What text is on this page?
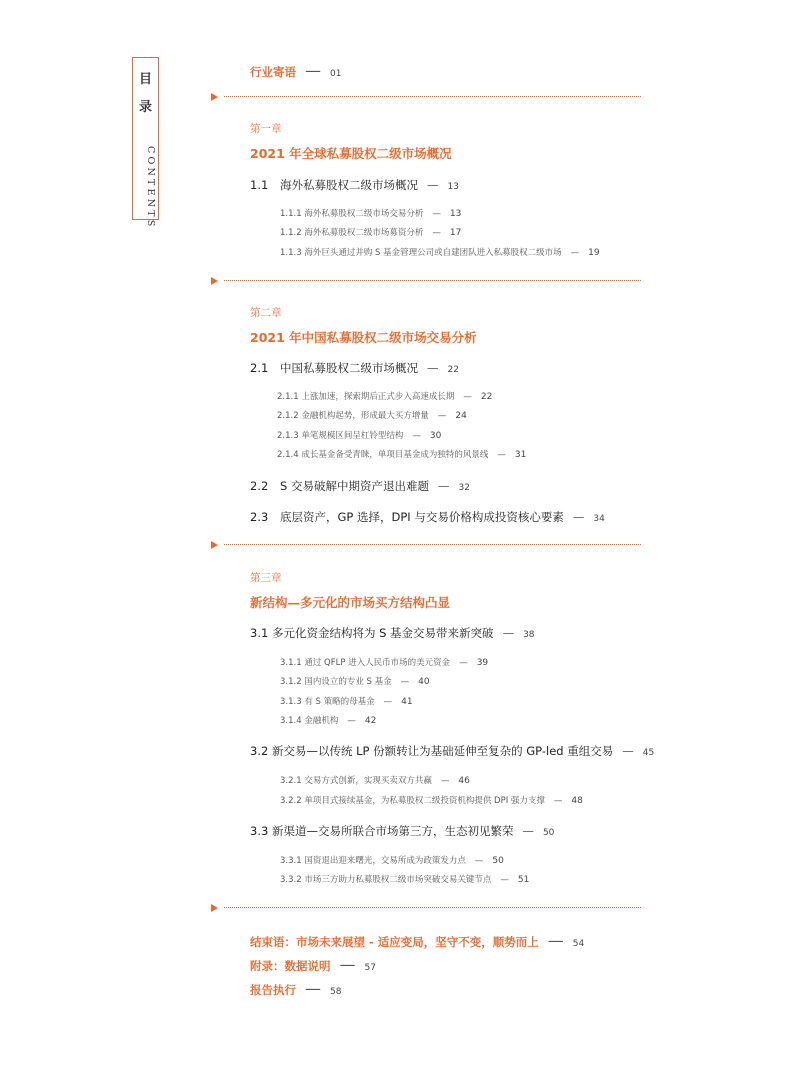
目
录
CONTENTS
行业寄语 — 01
第一章
2021 年全球私募股权二级市场概况
1.1 海外私募股权二级市场概况 — 13
1.1.1 海外私募股权二级市场交易分析 — 13
1.1.2 海外私募股权二级市场募资分析 — 17
1.1.3 海外巨头通过并购 S 基金管理公司或自建团队进入私募股权二级市场 — 19
第二章
2021 年中国私募股权二级市场交易分析
2.1 中国私募股权二级市场概况 — 22
2.1.1 上涨加速，探索期后正式步入高速成长期 — 22
2.1.2 金融机构起势，形成最大买方增量 — 24
2.1.3 单笔规模区间呈杠铃型结构 — 30
2.1.4 成长基金备受青睐，单项目基金成为独特的风景线 — 31
2.2 S 交易破解中期资产退出难题 — 32
2.3 底层资产，GP 选择，DPI 与交易价格构成投资核心要素 — 34
第三章
新结构—多元化的市场买方结构凸显
3.1 多元化资金结构将为 S 基金交易带来新突破 — 38
3.1.1 通过 QFLP 进入人民币市场的美元资金 — 39
3.1.2 国内设立的专业 S 基金 — 40
3.1.3 有 S 策略的母基金 — 41
3.1.4 金融机构 — 42
3.2 新交易—以传统 LP 份额转让为基础延伸至复杂的 GP-led 重组交易 — 45
3.2.1 交易方式创新，实现买卖双方共赢 — 46
3.2.2 单项目式接续基金，为私募股权二级投资机构提供 DPI 强力支撑 — 48
3.3 新渠道—交易所联合市场第三方，生态初见繁荣 — 50
3.3.1 国资退出迎来曙光，交易所成为政策发力点 — 50
3.3.2 市场三方助力私募股权二级市场突破交易关键节点 — 51
结束语：市场未来展望 - 适应变局，坚守不变，顺势而上 — 54
附录：数据说明 — 57
报告执行 — 58
